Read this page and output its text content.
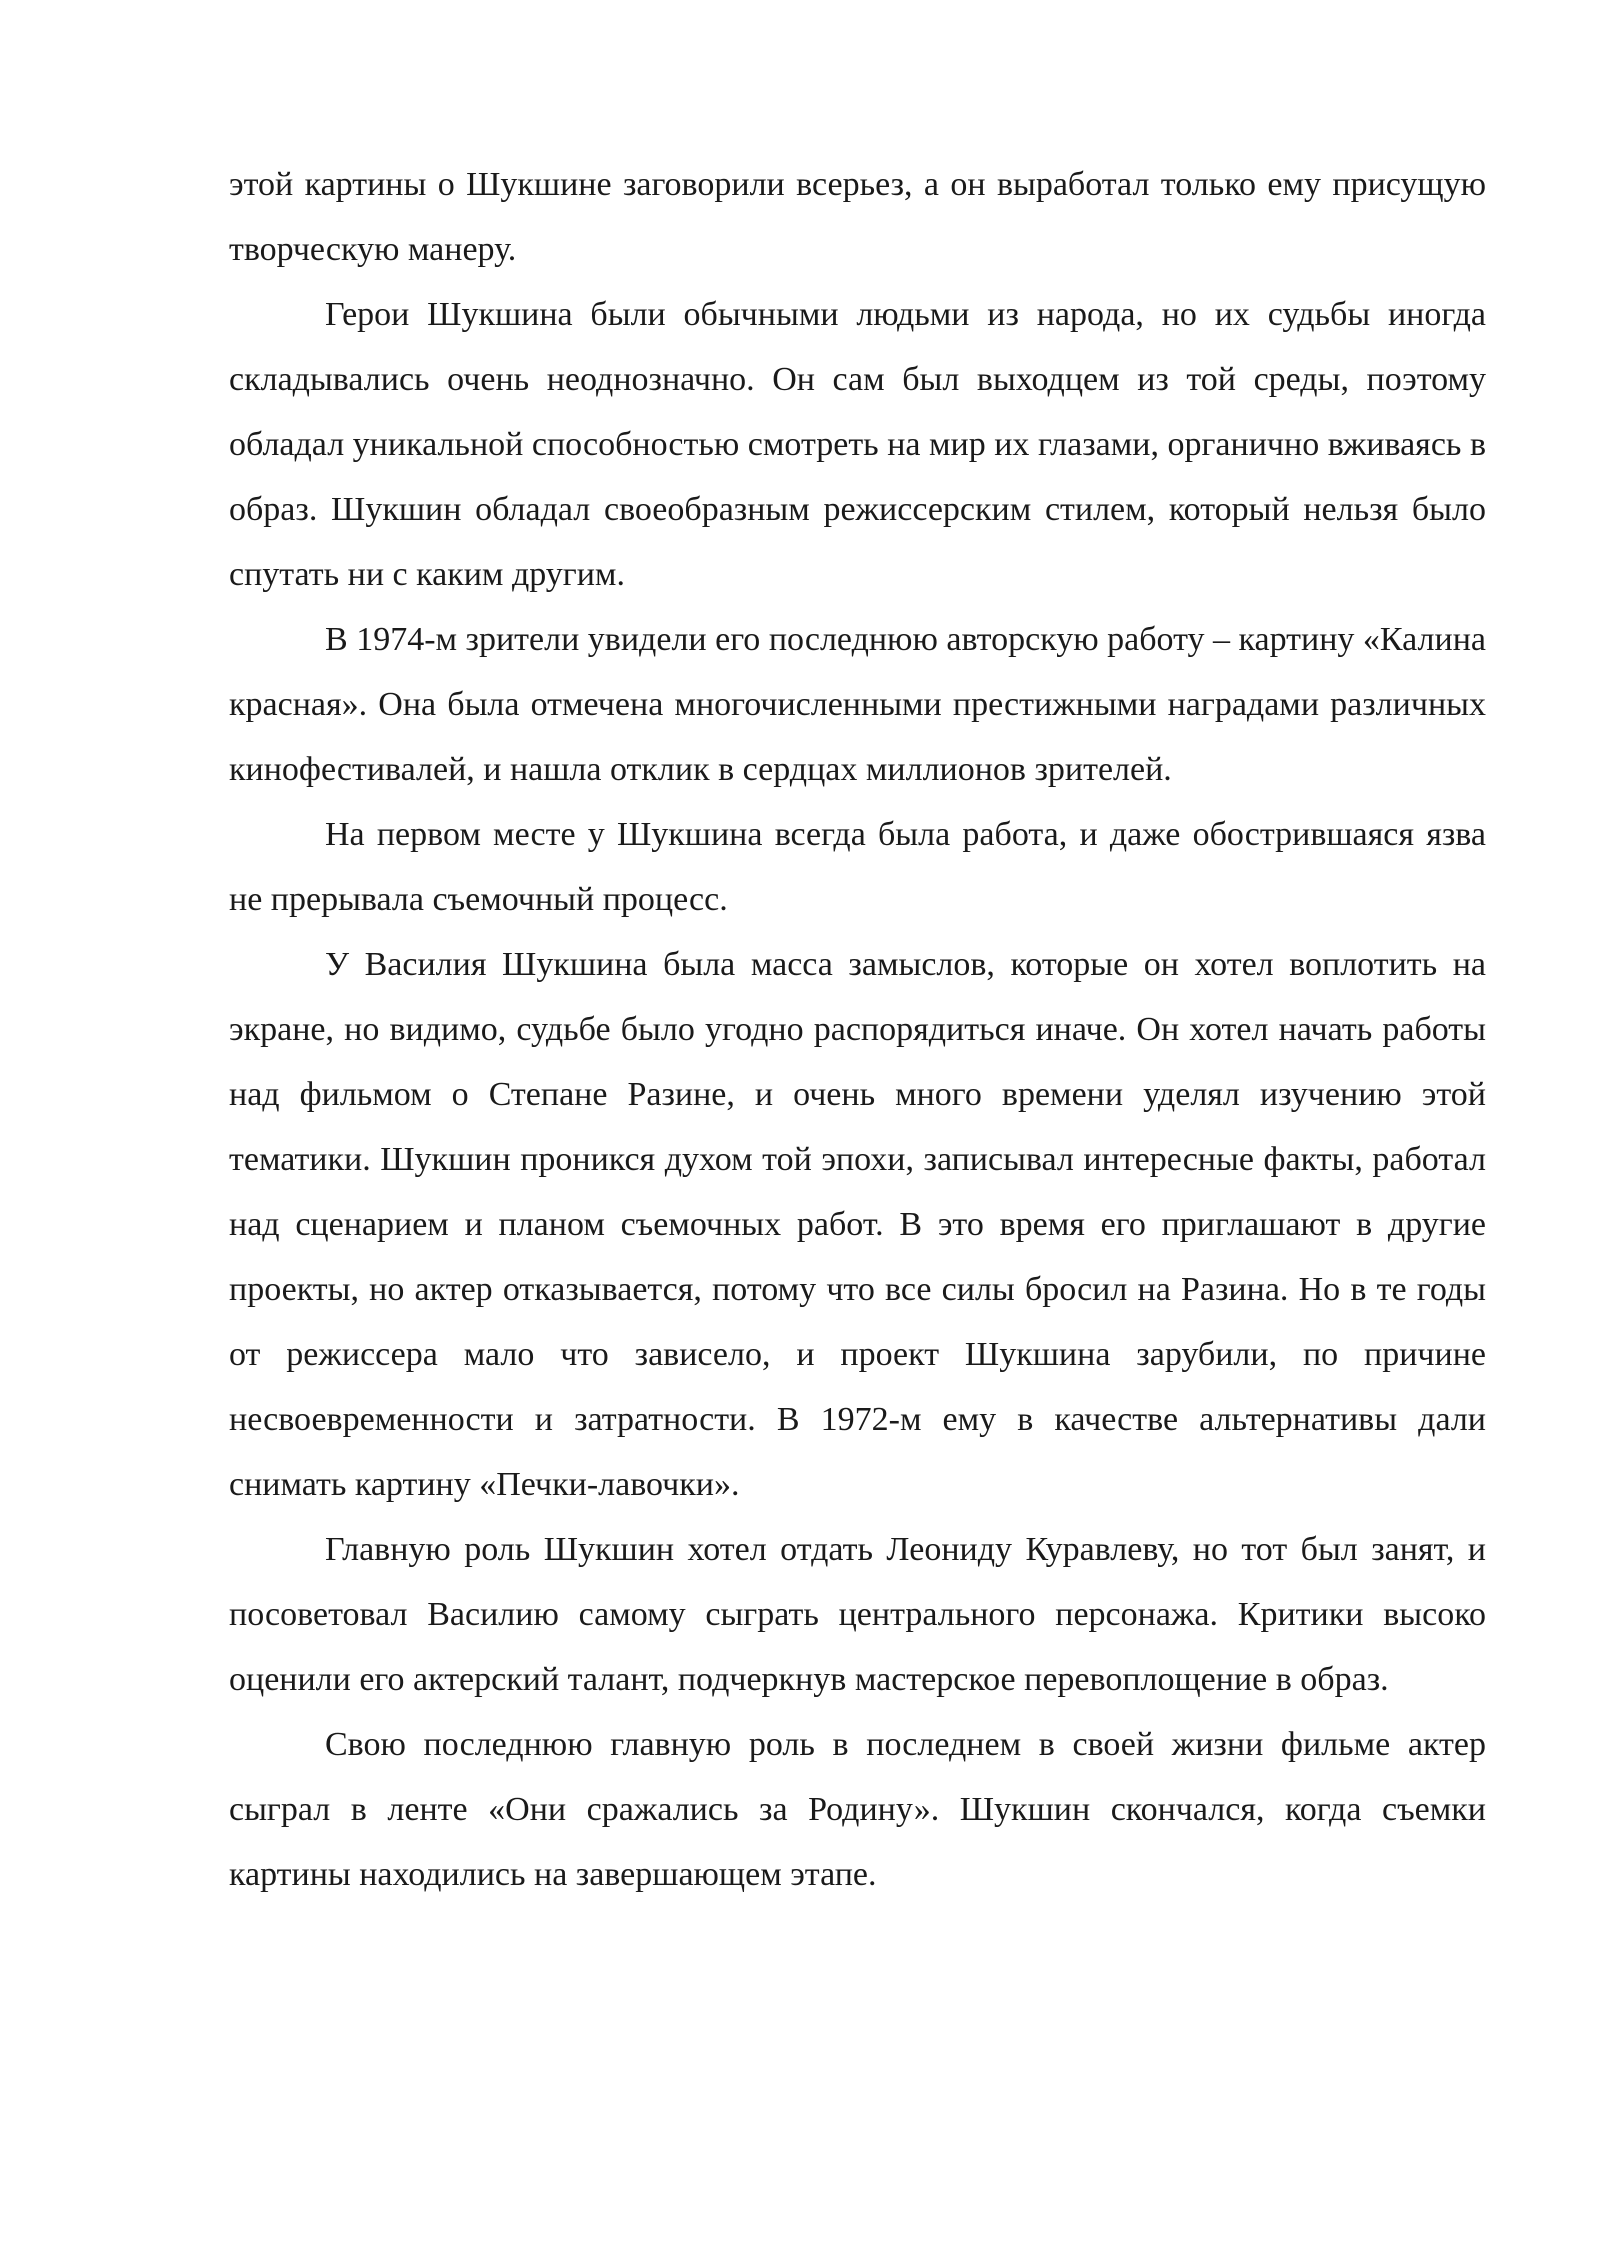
этой картины о Шукшине заговорили всерьез, а он выработал только ему присущую творческую манеру.

Герои Шукшина были обычными людьми из народа, но их судьбы иногда складывались очень неоднозначно. Он сам был выходцем из той среды, поэтому обладал уникальной способностью смотреть на мир их глазами, органично вживаясь в образ. Шукшин обладал своеобразным режиссерским стилем, который нельзя было спутать ни с каким другим.

В 1974-м зрители увидели его последнюю авторскую работу – картину «Калина красная». Она была отмечена многочисленными престижными наградами различных кинофестивалей, и нашла отклик в сердцах миллионов зрителей.

На первом месте у Шукшина всегда была работа, и даже обострившаяся язва не прерывала съемочный процесс.

У Василия Шукшина была масса замыслов, которые он хотел воплотить на экране, но видимо, судьбе было угодно распорядиться иначе. Он хотел начать работы над фильмом о Степане Разине, и очень много времени уделял изучению этой тематики. Шукшин проникся духом той эпохи, записывал интересные факты, работал над сценарием и планом съемочных работ. В это время его приглашают в другие проекты, но актер отказывается, потому что все силы бросил на Разина. Но в те годы от режиссера мало что зависело, и проект Шукшина зарубили, по причине несвоевременности и затратности. В 1972-м ему в качестве альтернативы дали снимать картину «Печки-лавочки».

Главную роль Шукшин хотел отдать Леониду Куравлеву, но тот был занят, и посоветовал Василию самому сыграть центрального персонажа. Критики высоко оценили его актерский талант, подчеркнув мастерское перевоплощение в образ.

Свою последнюю главную роль в последнем в своей жизни фильме актер сыграл в ленте «Они сражались за Родину». Шукшин скончался, когда съемки картины находились на завершающем этапе.
